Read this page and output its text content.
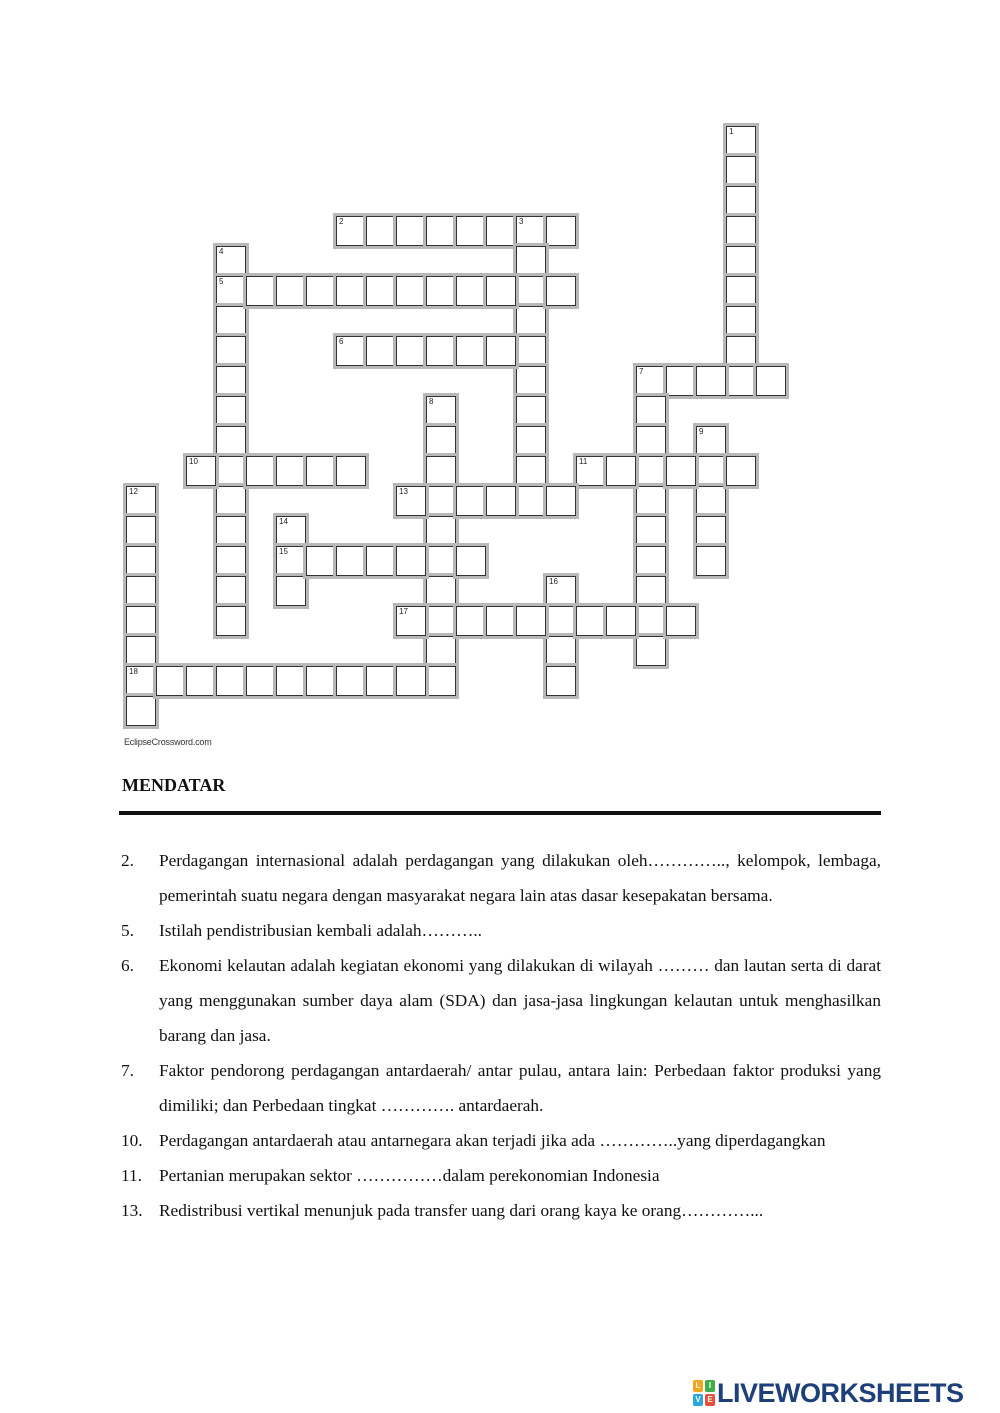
1
2	3
4
5
6
7
8
9
10	11
12
18
13
14
15
16
17
EclipseCrossword.com
MENDATAR
2.	Perdagangan internasional adalah perdagangan yang dilakukan oleh………….., kelompok, lembaga, pemerintah suatu negara dengan masyarakat negara lain atas dasar kesepakatan bersama.
5.	Istilah pendistribusian kembali adalah………..
6.	Ekonomi kelautan adalah kegiatan ekonomi yang dilakukan di wilayah ……… dan lautan serta di darat yang menggunakan sumber daya alam (SDA) dan jasa-jasa lingkungan kelautan untuk menghasilkan barang dan jasa.
7.	Faktor pendorong perdagangan antardaerah/ antar pulau, antara lain: Perbedaan faktor produksi yang dimiliki; dan Perbedaan tingkat …………. antardaerah.
10. Perdagangan antardaerah atau antarnegara akan terjadi jika ada …………..yang diperdagangkan
11. Pertanian merupakan sektor ……………dalam perekonomian Indonesia
13. Redistribusi vertikal menunjuk pada transfer uang dari orang kaya ke orang…………...
L	I
V E LIVEWORKSHEETS
